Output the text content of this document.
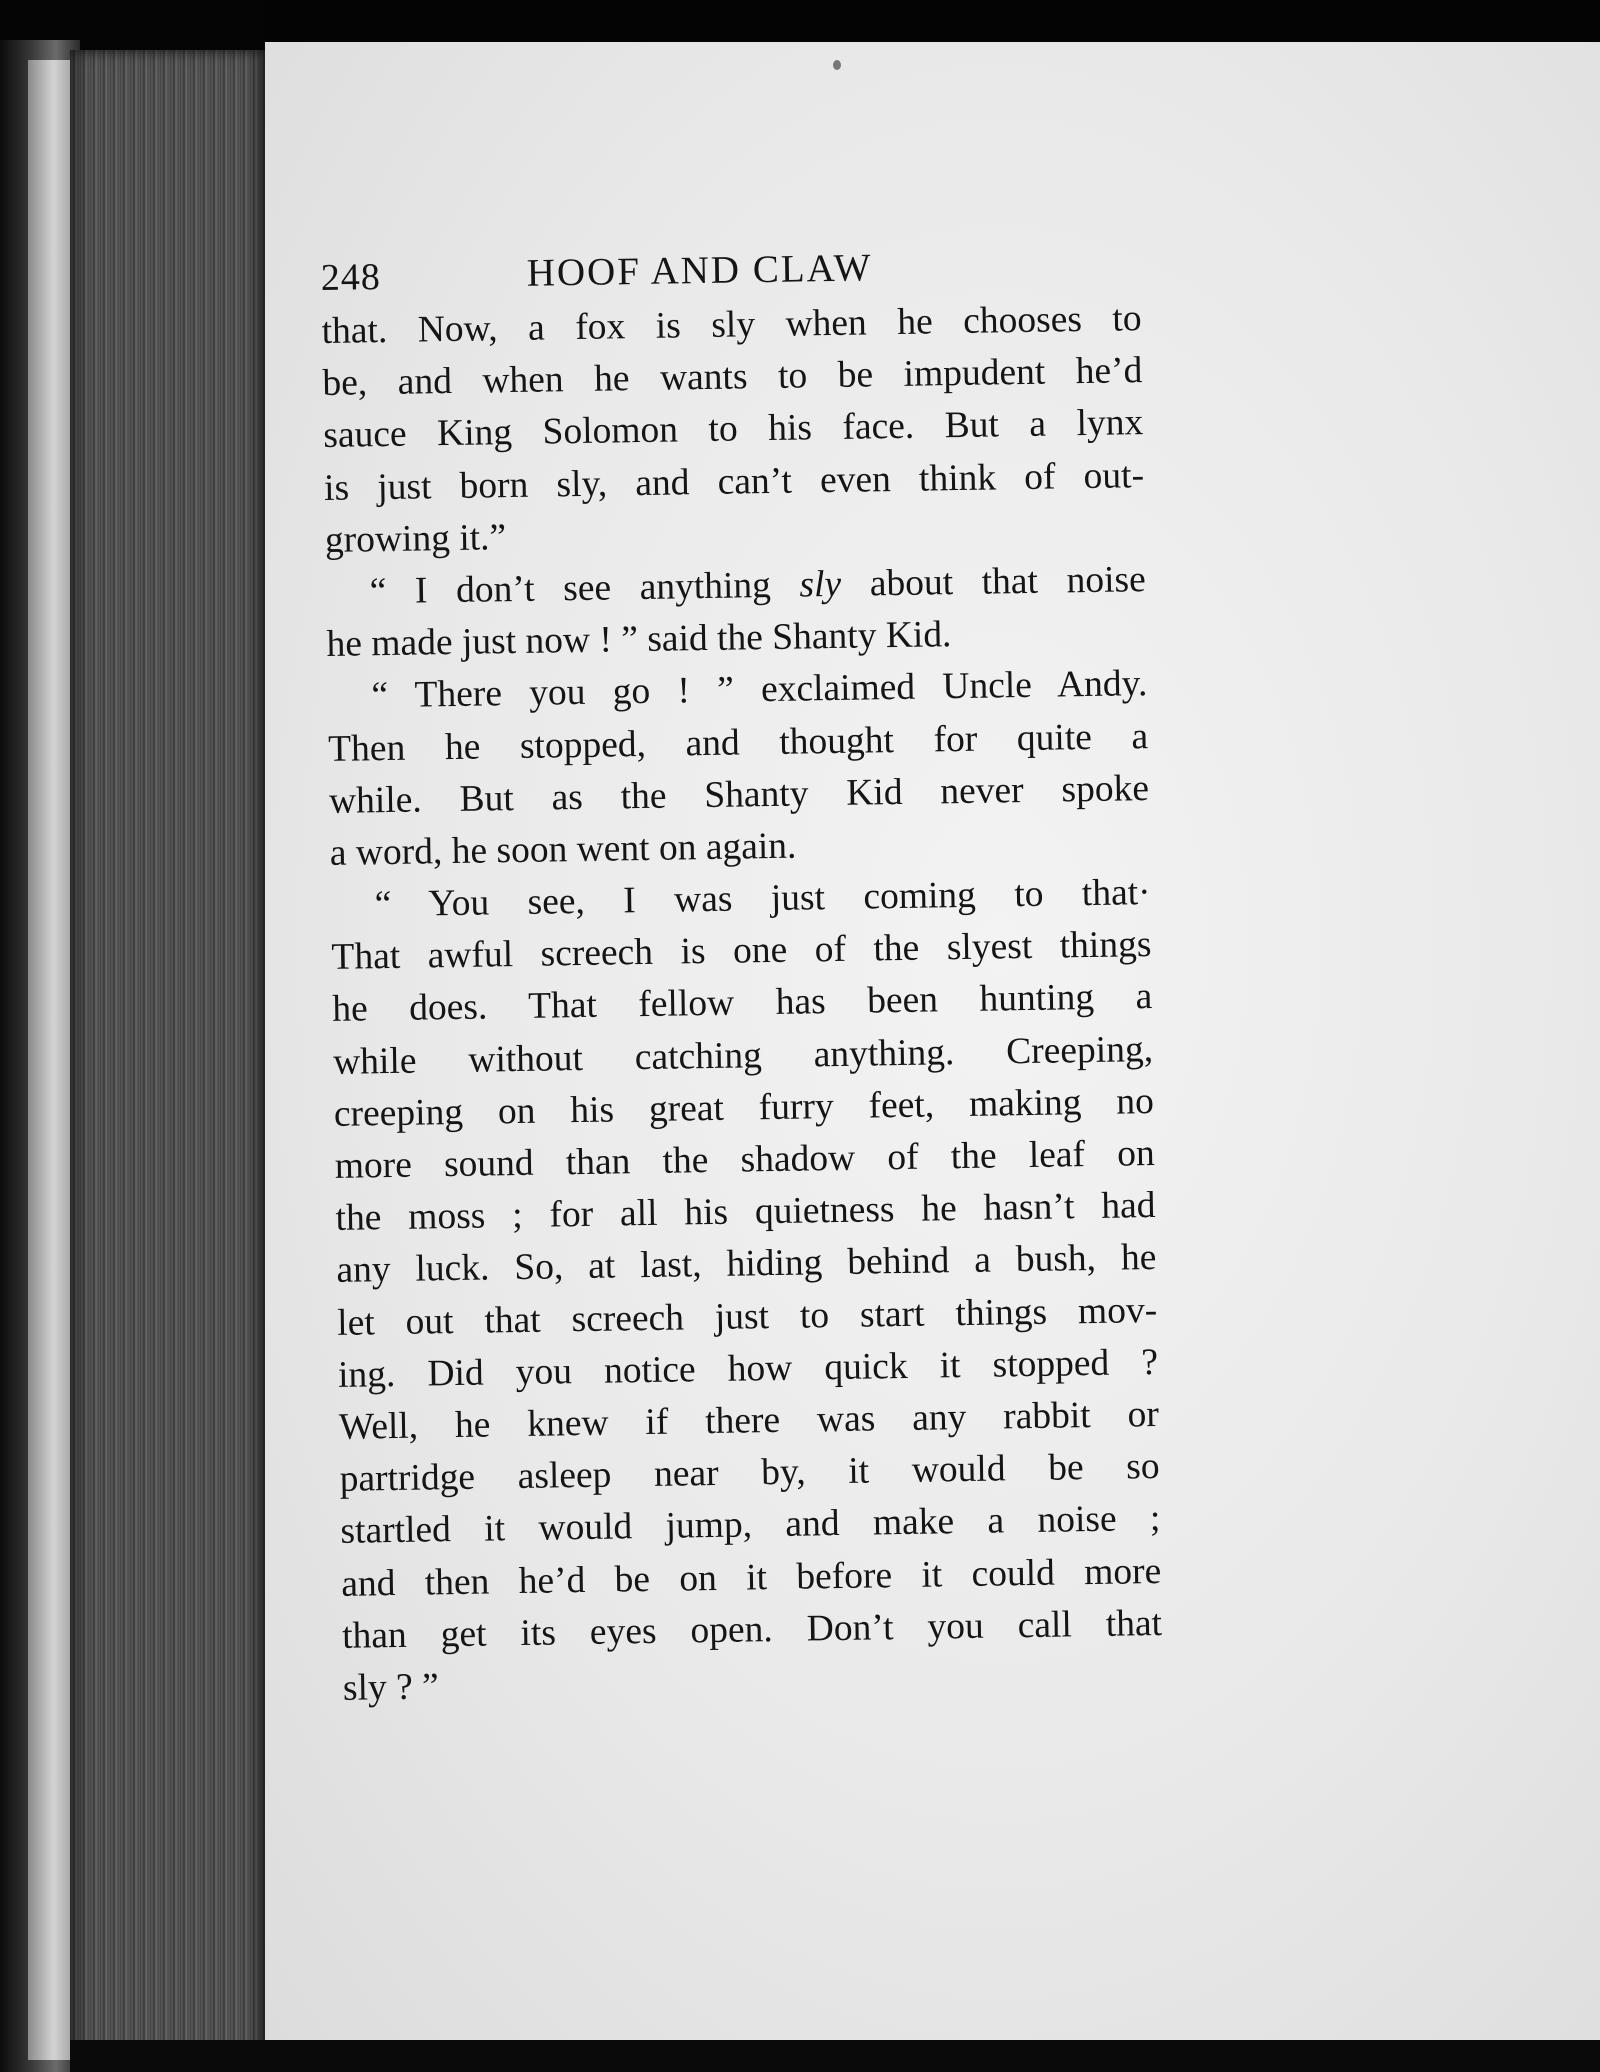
248	HOOF AND CLAW
that. Now, a fox is sly when he chooses to
be, and when he wants to be impudent he’d
sauce King Solomon to his face. But a lynx
is just born sly, and can’t even think of out-
growing it.”
“ I don’t see anything sly about that noise
he made just now ! ” said the Shanty Kid.
“ There you go ! ” exclaimed Uncle Andy.
Then he stopped, and thought for quite a
while. But as the Shanty Kid never spoke
a word, he soon went on again.
“ You see, I was just coming to that·
That awful screech is one of the slyest things
he does. That fellow has been hunting a
while without catching anything. Creeping,
creeping on his great furry feet, making no
more sound than the shadow of the leaf on
the moss ; for all his quietness he hasn’t had
any luck. So, at last, hiding behind a bush, he
let out that screech just to start things mov-
ing. Did you notice how quick it stopped ?
Well, he knew if there was any rabbit or
partridge asleep near by, it would be so
startled it would jump, and make a noise ;
and then he’d be on it before it could more
than get its eyes open. Don’t you call that
sly ? ”
